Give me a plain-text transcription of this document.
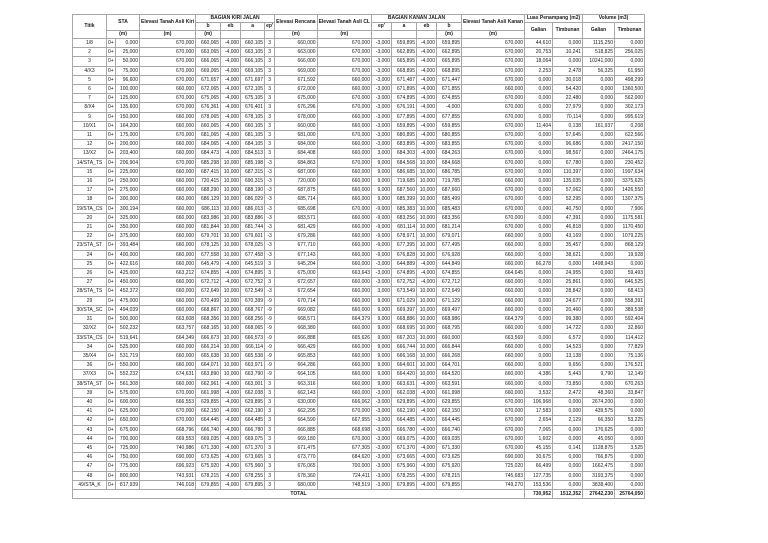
Titik	STA		Elevasi Tanah Asli Kiri	BAGIAN KIRI JALAN				Elevasi Rencana	Elevasi Tanah Asli CL	BAGIAN KANAN JALAN				Elevasi Tanah Asli Kanan	Luas Penampang (m2)		Volume (m3)	
				b	eb	a	ep'			ep'	a	eb	b		Galian	Timbunan	Galian	Timbunan
	(m)		(m)	(m)				(m)	(m)				(m)	(m)				
1/8	0+	0,000	670,000	660,065	-4,000	660,105	3	660,000	670,000	-3,000	659,895	-4,000	659,895	670,000	44,610	0,000	1115,250	0,000
2	0+	25,000	670,000	663,065	-4,000	663,105	3	663,000	670,000	-3,000	662,895	-4,000	662,895	670,000	20,753	10,241	518,825	256,025
3	0+	50,000	670,000	666,065	-4,000	666,105	3	666,000	670,000	-3,000	665,895	-4,000	665,895	670,000	18,064	0,000	10241,000	0,000
4/X3	0+	75,000	670,000	669,065	-4,000	669,105	3	669,000	670,000	-3,000	668,895	-4,000	668,895	670,000	2,253	2,478	56,325	61,950
5	0+	96,600	670,000	671,657	-4,000	671,697	3	671,592	660,000	-3,000	671,487	-4,000	671,447	670,000	0,000	30,018	0,000	498,299
6	0+	100,000	660,000	672,065	-4,000	672,105	3	672,000	660,000	-3,000	671,895	-4,000	671,855	660,000	0,000	54,420	0,000	1360,500
7	0+	125,000	670,000	675,065	-4,000	675,105	3	675,000	670,000	-3,000	674,895	-4,000	674,855	670,000	0,000	22,480	0,000	562,000
8/X4	0+	135,600	670,000	676,361	-4,000	676,401	3	676,296	670,000	-3,000	676,191	-4,000	-4,000	670,000	0,000	27,979	0,000	302,173
9	0+	150,000	660,000	678,065	-4,000	678,105	3	678,000	660,000	-3,000	677,895	-4,000	677,855	670,000	0,000	70,114	0,000	995,619
10/X1	0+	164,200	660,000	660,065	-4,000	660,105	3	660,000	660,000	-3,000	659,895	-4,000	659,855	670,000	11,404	0,138	161,937	0,208
11	0+	175,000	670,000	681,065	-4,000	681,105	3	681,000	670,000	-3,000	680,895	-4,000	680,855	670,000	0,000	57,645	0,000	622,566
12	0+	200,000	660,000	684,065	-4,000	684,105	3	684,000	660,000	-3,000	683,895	-4,000	683,855	670,000	0,000	96,686	0,000	2417,150
13/X2	0+	203,400	660,000	684,473	-4,000	684,513	3	684,408	660,000	3,000	684,303	-4,000	684,263	670,000	0,000	98,567	0,000	2464,175
14/STA_TS	0+	206,904	670,000	685,298	10,000	685,198	-3	684,863	670,000	9,000	684,568	10,000	684,668	670,000	0,000	67,780	0,000	230,452
15	0+	225,000	660,000	687,415	10,000	687,315	-3	687,000	660,000	9,000	686,685	10,000	686,785	670,000	0,000	110,397	0,000	1997,634
16	0+	250,000	660,000	720,415	10,000	690,315	-3	720,000	660,000	9,000	719,685	10,000	719,785	660,000	0,000	135,035	0,000	3375,625
17	0+	275,000	660,000	688,290	10,000	688,190	-3	687,875	660,000	9,000	687,560	10,000	687,660	670,000	0,000	57,062	0,000	1426,550
18	0+	300,000	660,000	686,129	10,000	686,029	-3	685,714	660,000	9,000	685,399	10,000	685,499	670,000	0,000	52,295	0,000	1307,375
19/STA_CS	0+	300,194	660,000	686,113	10,000	686,013	-3	685,698	670,000	-9,000	685,383	10,000	685,483	670,000	0,000	40,750	0,000	7,906
20	0+	325,000	660,000	683,986	10,000	683,886	-3	683,571	660,000	-9,000	683,256	10,000	683,356	670,000	0,000	47,391	0,000	1175,581
21	0+	350,000	660,000	681,844	10,000	681,744	-3	681,429	660,000	-9,000	681,114	10,000	681,214	670,000	0,000	46,818	0,000	1170,450
22	0+	375,000	660,000	679,701	10,000	679,601	-3	679,286	660,000	-9,000	678,971	10,000	679,071	660,000	0,000	43,169	0,000	1079,225
23/STA_ST	0+	393,484	660,000	678,125	10,000	678,025	-3	677,710	660,000	-9,000	677,395	10,000	677,495	660,000	0,000	35,457	0,000	868,129
24	0+	400,000	660,000	677,558	10,000	677,458	-3	677,143	660,000	-9,000	676,828	10,000	676,928	660,000	0,000	38,621	0,000	19,928
25	0+	422,616	660,000	645,479	-4,000	645,519	3	645,204	660,000	-3,000	644,889	-4,000	644,849	660,000	66,278	0,000	1498,943	0,000
26	0+	425,000	663,212	674,855	-4,000	674,895	3	675,000	663,643	-3,000	674,895	-4,000	674,855	664,645	0,000	24,955	0,000	59,493
27	0+	450,000	660,000	672,712	-4,000	672,752	3	672,657	660,000	-3,000	672,752	-4,000	672,712	660,000	0,000	25,861	0,000	646,525
28/STA_TS	0+	452,372	660,000	672,649	10,000	672,549	-3	672,654	660,000	3,000	673,549	10,000	672,649	660,000	0,000	28,842	0,000	68,413
29	0+	475,000	660,000	670,499	10,000	670,399	-9	670,714	660,000	9,000	671,029	10,000	671,129	660,000	0,000	24,677	0,000	558,391
30/STA_SC	0+	494,039	660,000	668,867	10,000	668,767	-9	669,082	660,000	9,000	669,397	10,000	669,497	660,000	0,000	20,460	0,000	389,538
31	0+	500,000	663,608	668,356	10,000	668,256	-9	668,571	664,379	9,000	668,886	10,000	668,986	664,379	0,000	99,380	0,000	592,404
32/X2	0+	502,232	663,757	668,165	10,000	668,065	-9	668,380	660,000	9,000	668,695	10,000	668,795	660,000	0,000	14,722	0,000	32,860
33/STA_CS	0+	519,641	664,349	666,673	10,000	666,573	-9	666,888	665,626	9,000	667,203	10,000	660,000	663,569	0,000	6,572	0,000	114,412
34	0+	525,000	660,000	666,214	10,000	666,114	-9	666,429	660,000	9,000	666,744	10,000	666,844	660,000	0,000	14,523	0,000	77,829
35/X4	0+	531,719	660,000	665,638	10,000	665,538	-9	665,853	660,000	9,000	666,168	10,000	666,268	660,000	0,000	13,138	0,000	75,136
36	0+	550,000	660,000	664,071	10,000	663,971	-9	664,286	660,000	9,000	664,601	10,000	664,701	660,000	0,000	9,656	0,000	176,521
37/X3	0+	552,232	674,631	663,890	10,000	663,790	-9	664,105	660,000	9,000	664,420	10,000	664,520	660,000	4,386	5,443	9,790	12,149
38/STA_ST	0+	561,308	660,000	662,961	-4,000	663,001	3	663,316	660,000	9,000	663,631	-4,000	663,591	660,000	0,000	73,850	0,000	670,263
39	0+	575,000	670,000	661,998	-4,000	662,038	3	662,143	660,000	-3,000	662,038	-4,000	661,998	660,000	3,532	2,472	48,360	33,847
40	0+	600,000	666,553	629,855	-4,000	629,895	3	630,000	666,062	-3,000	629,895	-4,000	629,855	670,000	106,968	0,000	2674,200	0,000
41	0+	625,000	670,000	662,150	-4,000	662,190	3	662,295	670,000	-3,000	662,190	-4,000	662,150	670,000	17,583	0,000	439,575	0,000
42	0+	650,000	670,000	664,445	-4,000	664,485	3	664,590	667,955	-3,000	664,485	-4,000	664,445	670,000	2,654	2,129	66,350	53,225
43	0+	675,000	668,796	666,740	-4,000	666,780	3	666,885	668,698	-3,000	666,780	-4,000	666,740	670,000	7,065	0,000	176,625	0,000
44	0+	700,000	669,553	669,035	-4,000	669,075	3	669,180	670,000	-3,000	669,075	-4,000	669,035	670,000	1,602	0,000	45,050	0,000
45	0+	725,000	740,986	671,330	-4,000	671,370	3	671,475	677,305	-3,000	671,370	-4,000	671,330	670,000	45,155	0,141	1128,875	3,525
46	0+	750,000	690,000	673,625	-4,000	673,665	3	673,770	684,620	-3,000	673,665	-4,000	673,625	690,000	30,675	0,000	766,875	0,000
47	0+	775,000	696,923	675,920	-4,000	675,960	3	676,065	700,000	-3,000	675,960	-4,000	675,920	725,020	66,499	0,000	1662,475	0,000
48	0+	800,000	743,931	678,215	-4,000	678,255	3	678,360	724,411	-3,000	678,255	-4,000	678,215	745,683	127,735	0,000	3193,375	0,000
49/STA_K	0+	817,939	746,018	679,855	-4,000	679,895	3	680,000	748,519	-3,000	679,895	-4,000	679,855	749,270	153,536	0,000	3838,400	0,000
TOTAL															730,952	1512,352	27642,230	25764,050
